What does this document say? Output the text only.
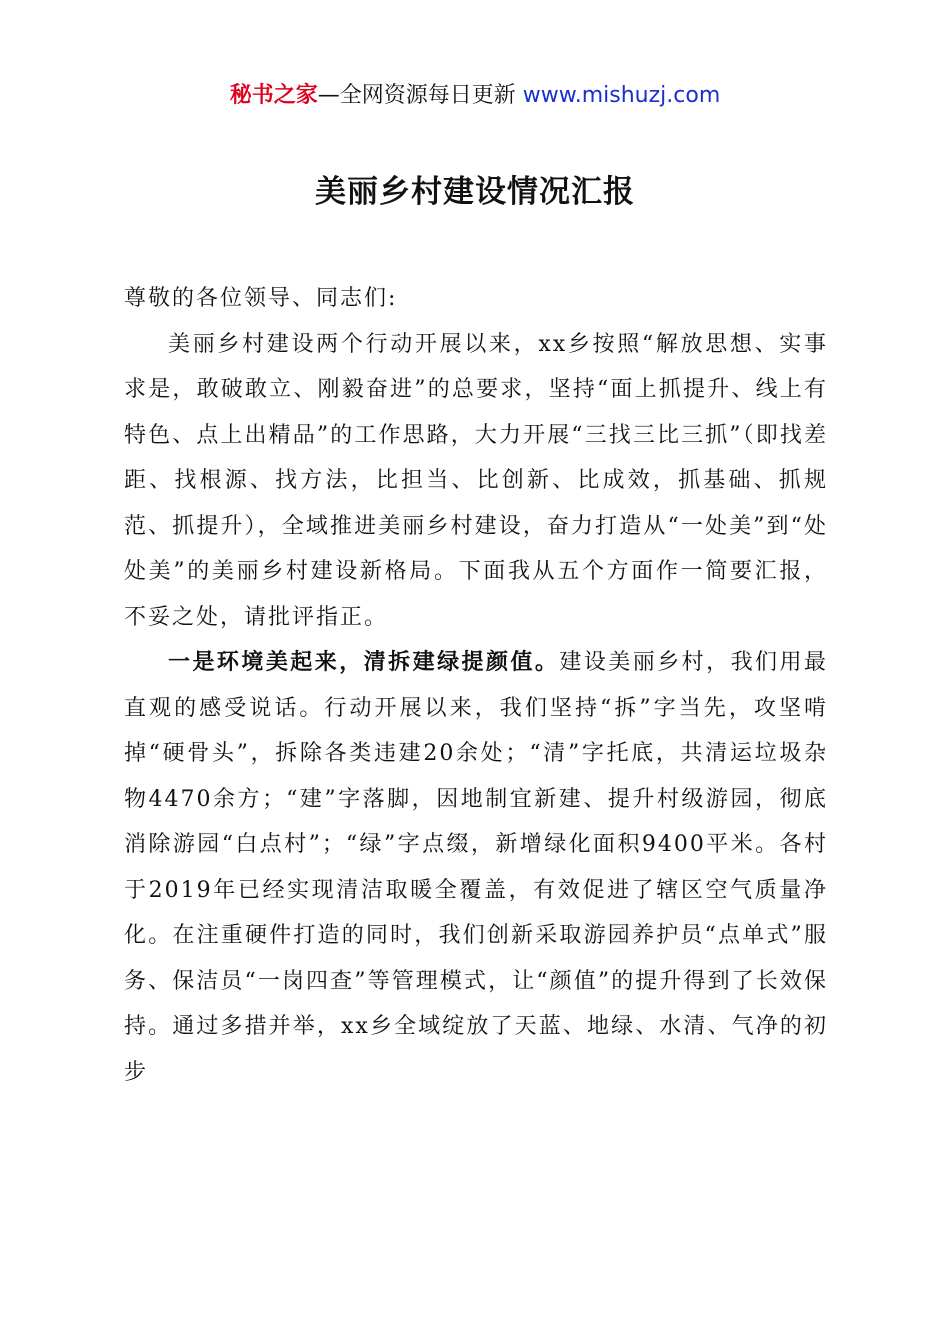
秘书之家—全网资源每日更新 www.mishuzj.com
美丽乡村建设情况汇报

尊敬的各位领导、同志们:

美丽乡村建设两个行动开展以来，xx乡按照“解放思想、实事求是，敢破敢立、刚毅奋进”的总要求，坚持“面上抓提升、线上有特色、点上出精品”的工作思路，大力开展“三找三比三抓”（即找差距、找根源、找方法，比担当、比创新、比成效，抓基础、抓规范、抓提升），全域推进美丽乡村建设，奋力打造从“一处美”到“处处美”的美丽乡村建设新格局。下面我从五个方面作一简要汇报，不妥之处，请批评指正。

一是环境美起来，清拆建绿提颜值。建设美丽乡村，我们用最直观的感受说话。行动开展以来，我们坚持“拆”字当先，攻坚啃掉“硬骨头”，拆除各类违建20余处；“清”字托底，共清运垃圾杂物4470余方；“建”字落脚，因地制宜新建、提升村级游园，彻底消除游园“白点村”；“绿”字点缀，新增绿化面积9400平米。各村于2019年已经实现清洁取暖全覆盖，有效促进了辖区空气质量净化。在注重硬件打造的同时，我们创新采取游园养护员“点单式”服务、保洁员“一岗四查”等管理模式，让“颜值”的提升得到了长效保持。通过多措并举，xx乡全域绽放了天蓝、地绿、水清、气净的初步
